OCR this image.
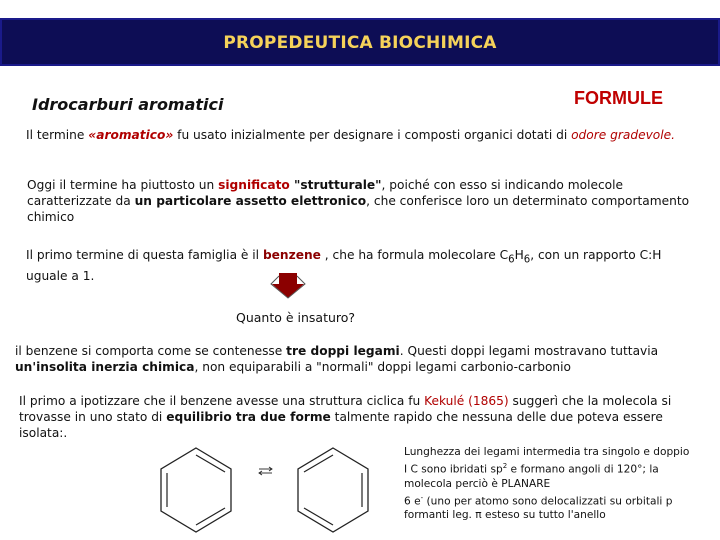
PROPEDEUTICA BIOCHIMICA
Idrocarburi aromatici	FORMULE
Il termine «aromatico» fu usato inizialmente per designare i composti organici dotati di odore gradevole.
Oggi il termine ha piuttosto un significato "strutturale", poiché con esso si indicando molecole caratterizzate da un particolare assetto elettronico, che conferisce loro un determinato comportamento chimico
Il primo termine di questa famiglia è il benzene , che ha formula molecolare $C_6H_6$, con un rapporto C:H uguale a 1.
Quanto è insaturo?
il benzene si comporta come se contenesse tre doppi legami. Questi doppi legami mostravano tuttavia un'insolita inerzia chimica, non equiparabili a "normali" doppi legami carbonio-carbonio
Il primo a ipotizzare che il benzene avesse una struttura ciclica fu Kekulé (1865) suggerì che la molecola si trovasse in uno stato di equilibrio tra due forme talmente rapido che nessuna delle due poteva essere isolata:.
Lunghezza dei legami intermedia tra singolo e doppio
I C sono ibridati $sp^2$ e formano angoli di 120°; la molecola perciò è PLANARE
6 e- (uno per atomo sono delocalizzati su orbitali p formanti leg. π esteso su tutto l'anello
